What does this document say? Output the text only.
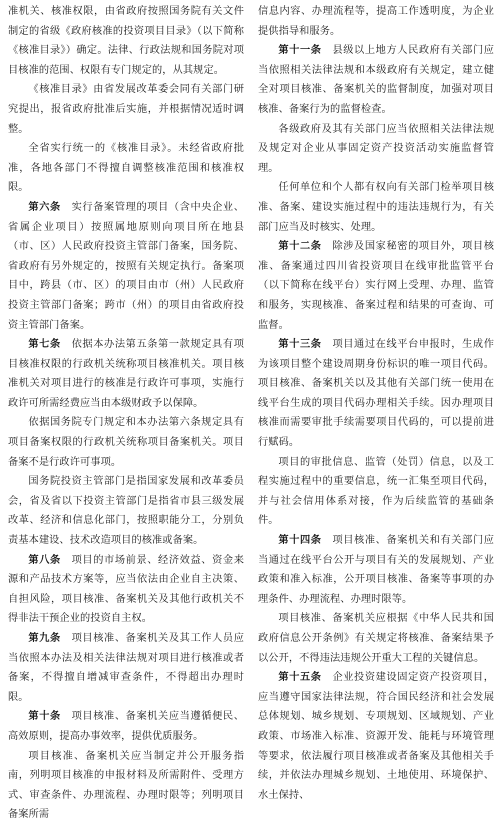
准机关、核准权限，由省政府按照国务院有关文件制定的省级《政府核准的投资项目目录》（以下简称《核准目录》）确定。法律、行政法规和国务院对项目核准的范围、权限有专门规定的，从其规定。

《核准目录》由省发展改革委会同有关部门研究提出，报省政府批准后实施，并根据情况适时调整。

全省实行统一的《核准目录》。未经省政府批准，各地各部门不得擅自调整核准范围和核准权限。

第六条　 实行备案管理的项目（含中央企业、省属企业项目）按照属地原则向项目所在地县（市、区）人民政府投资主管部门备案，国务院、省政府有另外规定的，按照有关规定执行。备案项目中，跨县（市、区）的项目由市（州）人民政府投资主管部门备案；跨市（州）的项目由省政府投资主管部门备案。

第七条　 依据本办法第五条第一款规定具有项目核准权限的行政机关统称项目核准机关。项目核准机关对项目进行的核准是行政许可事项，实施行政许可所需经费应当由本级财政予以保障。

依据国务院专门规定和本办法第六条规定具有项目备案权限的行政机关统称项目备案机关。项目备案不是行政许可事项。

国务院投资主管部门是指国家发展和改革委员会，省及省以下投资主管部门是指省市县三级发展改革、经济和信息化部门，按照职能分工，分别负责基本建设、技术改造项目的核准或备案。

第八条　 项目的市场前景、经济效益、资金来源和产品技术方案等，应当依法由企业自主决策、自担风险，项目核准、备案机关及其他行政机关不得非法干预企业的投资自主权。

第九条　 项目核准、备案机关及其工作人员应当依照本办法及相关法律法规对项目进行核准或者备案，不得擅自增减审查条件，不得超出办理时限。

第十条　 项目核准、备案机关应当遵循便民、高效原则，提高办事效率，提供优质服务。

项目核准、备案机关应当制定并公开服务指南，列明项目核准的申报材料及所需附件、受理方式、审查条件、办理流程、办理时限等；列明项目备案所需

信息内容、办理流程等，提高工作透明度，为企业提供指导和服务。

第十一条　 县级以上地方人民政府有关部门应当依照相关法律法规和本级政府有关规定，建立健全对项目核准、备案机关的监督制度，加强对项目核准、备案行为的监督检查。

各级政府及其有关部门应当依照相关法律法规及规定对企业从事固定资产投资活动实施监督管理。

任何单位和个人都有权向有关部门检举项目核准、备案、建设实施过程中的违法违规行为，有关部门应当及时核实、处理。

第十二条　 除涉及国家秘密的项目外，项目核准、备案通过四川省投资项目在线审批监管平台（以下简称在线平台）实行网上受理、办理、监管和服务，实现核准、备案过程和结果的可查询、可监督。

第十三条　 项目通过在线平台申报时，生成作为该项目整个建设周期身份标识的唯一项目代码。项目核准、备案机关以及其他有关部门统一使用在线平台生成的项目代码办理相关手续。因办理项目核准而需要审批手续需要项目代码的，可以提前进行赋码。

项目的审批信息、监管（处罚）信息，以及工程实施过程中的重要信息，统一汇集至项目代码，并与社会信用体系对接，作为后续监管的基础条件。

第十四条　 项目核准、备案机关和有关部门应当通过在线平台公开与项目有关的发展规划、产业政策和准入标准，公开项目核准、备案等事项的办理条件、办理流程、办理时限等。

项目核准、备案机关应根据《中华人民共和国政府信息公开条例》有关规定将核准、备案结果予以公开，不得违法违规公开重大工程的关键信息。

第十五条　 企业投资建设固定资产投资项目，应当遵守国家法律法规，符合国民经济和社会发展总体规划、城乡规划、专项规划、区域规划、产业政策、市场准入标准、资源开发、能耗与环境管理等要求，依法履行项目核准或者备案及其他相关手续，并依法办理城乡规划、土地使用、环境保护、水土保持、
